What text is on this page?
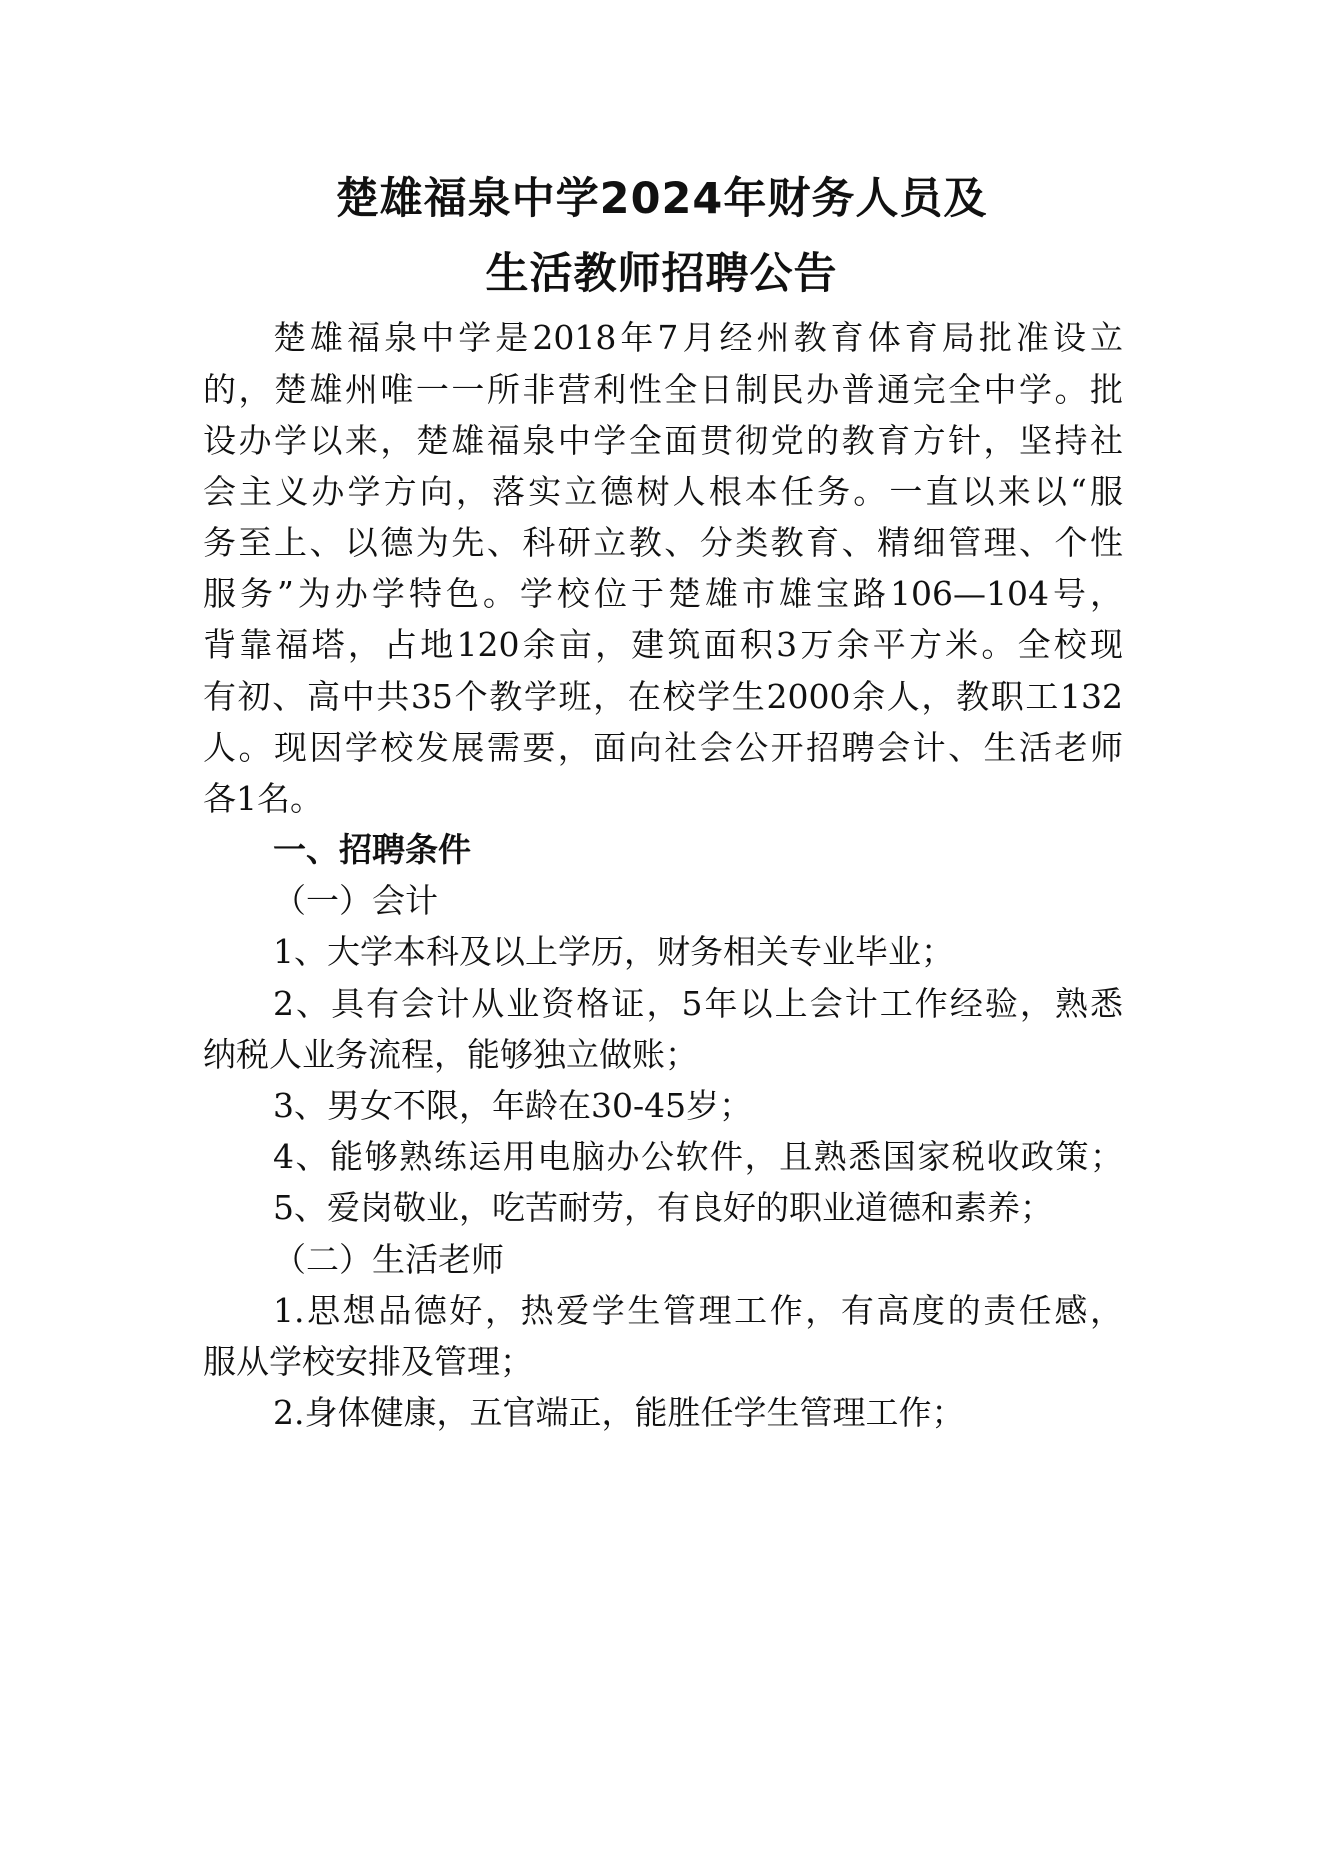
楚雄福泉中学2024年财务人员及
生活教师招聘公告
楚雄福泉中学是2018年7月经州教育体育局批准设立
的，楚雄州唯一一所非营利性全日制民办普通完全中学。批
设办学以来，楚雄福泉中学全面贯彻党的教育方针，坚持社
会主义办学方向，落实立德树人根本任务。一直以来以“服
务至上、以德为先、科研立教、分类教育、精细管理、个性
服务”为办学特色。学校位于楚雄市雄宝路106—104号，
背靠福塔，占地120余亩，建筑面积3万余平方米。全校现
有初、高中共35个教学班，在校学生2000余人，教职工132
人。现因学校发展需要，面向社会公开招聘会计、生活老师
各1名。
一、招聘条件
（一）会计
1、大学本科及以上学历，财务相关专业毕业；
2、具有会计从业资格证，5年以上会计工作经验，熟悉
纳税人业务流程，能够独立做账；
3、男女不限，年龄在30-45岁；
4、能够熟练运用电脑办公软件，且熟悉国家税收政策；
5、爱岗敬业，吃苦耐劳，有良好的职业道德和素养；
（二）生活老师
1.思想品德好，热爱学生管理工作，有高度的责任感，
服从学校安排及管理；
2.身体健康，五官端正，能胜任学生管理工作；
